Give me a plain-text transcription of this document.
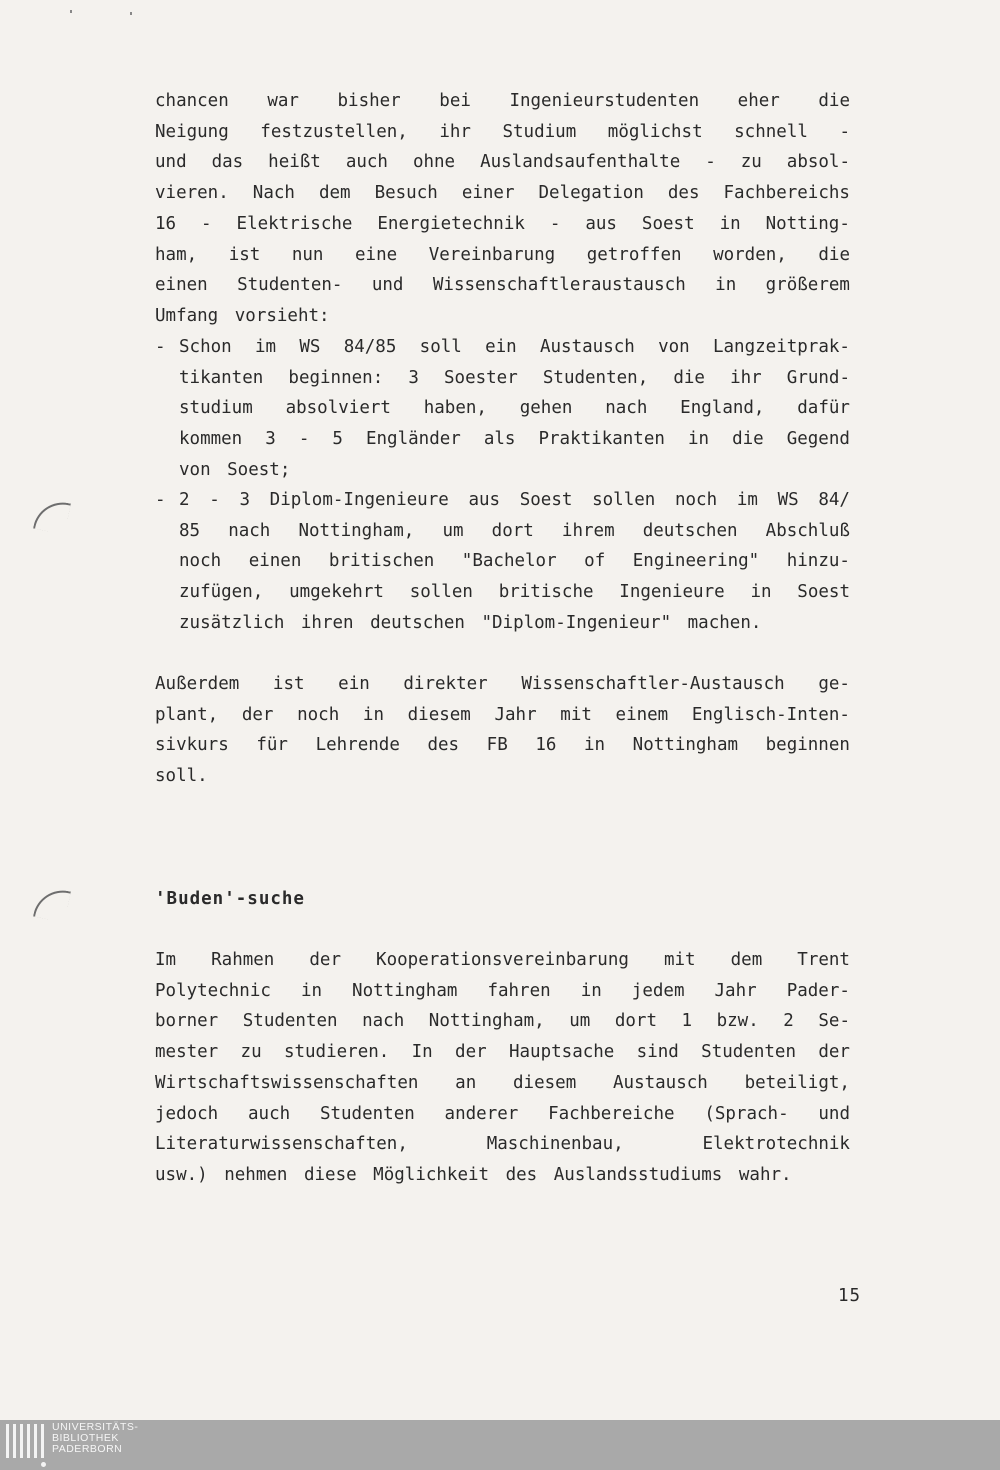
chancen war bisher bei Ingenieurstudenten eher die
Neigung festzustellen, ihr Studium möglichst schnell -
und das heißt auch ohne Auslandsaufenthalte - zu absol-
vieren. Nach dem Besuch einer Delegation des Fachbereichs
16 - Elektrische Energietechnik - aus Soest in Notting-
ham, ist nun eine Vereinbarung getroffen worden, die
einen Studenten- und Wissenschaftleraustausch in größerem
Umfang vorsieht:
- Schon im WS 84/85 soll ein Austausch von Langzeitprak-
tikanten beginnen: 3 Soester Studenten, die ihr Grund-
studium absolviert haben, gehen nach England, dafür
kommen 3 - 5 Engländer als Praktikanten in die Gegend
von Soest;
- 2 - 3 Diplom-Ingenieure aus Soest sollen noch im WS 84/
85 nach Nottingham, um dort ihrem deutschen Abschluß
noch einen britischen "Bachelor of Engineering" hinzu-
zufügen, umgekehrt sollen britische Ingenieure in Soest
zusätzlich ihren deutschen "Diplom-Ingenieur" machen.
Außerdem ist ein direkter Wissenschaftler-Austausch ge-
plant, der noch in diesem Jahr mit einem Englisch-Inten-
sivkurs für Lehrende des FB 16 in Nottingham beginnen
soll.
Im Rahmen der Kooperationsvereinbarung mit dem Trent
Polytechnic in Nottingham fahren in jedem Jahr Pader-
borner Studenten nach Nottingham, um dort 1 bzw. 2 Se-
mester zu studieren. In der Hauptsache sind Studenten der
Wirtschaftswissenschaften an diesem Austausch beteiligt,
jedoch auch Studenten anderer Fachbereiche (Sprach- und
Literaturwissenschaften,	Maschinenbau,	Elektrotechnik
usw.) nehmen diese Möglichkeit des Auslandsstudiums wahr.
'Buden'-suche
15
UNIVERSITÄTS-
BIBLIOTHEK
PADERBORN
